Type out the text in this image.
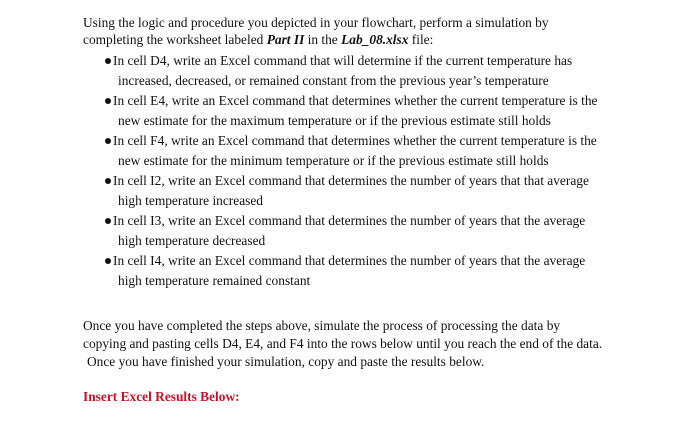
Using the logic and procedure you depicted in your flowchart, perform a simulation by
completing the worksheet labeled Part II in the Lab_08.xlsx file:

In cell D4, write an Excel command that will determine if the current temperature has
increased, decreased, or remained constant from the previous year’s temperature
In cell E4, write an Excel command that determines whether the current temperature is the
new estimate for the maximum temperature or if the previous estimate still holds
In cell F4, write an Excel command that determines whether the current temperature is the
new estimate for the minimum temperature or if the previous estimate still holds
In cell I2, write an Excel command that determines the number of years that that average
high temperature increased
In cell I3, write an Excel command that determines the number of years that the average
high temperature decreased
In cell I4, write an Excel command that determines the number of years that the average
high temperature remained constant

Once you have completed the steps above, simulate the process of processing the data by
copying and pasting cells D4, E4, and F4 into the rows below until you reach the end of the data.
Once you have finished your simulation, copy and paste the results below.

Insert Excel Results Below:
